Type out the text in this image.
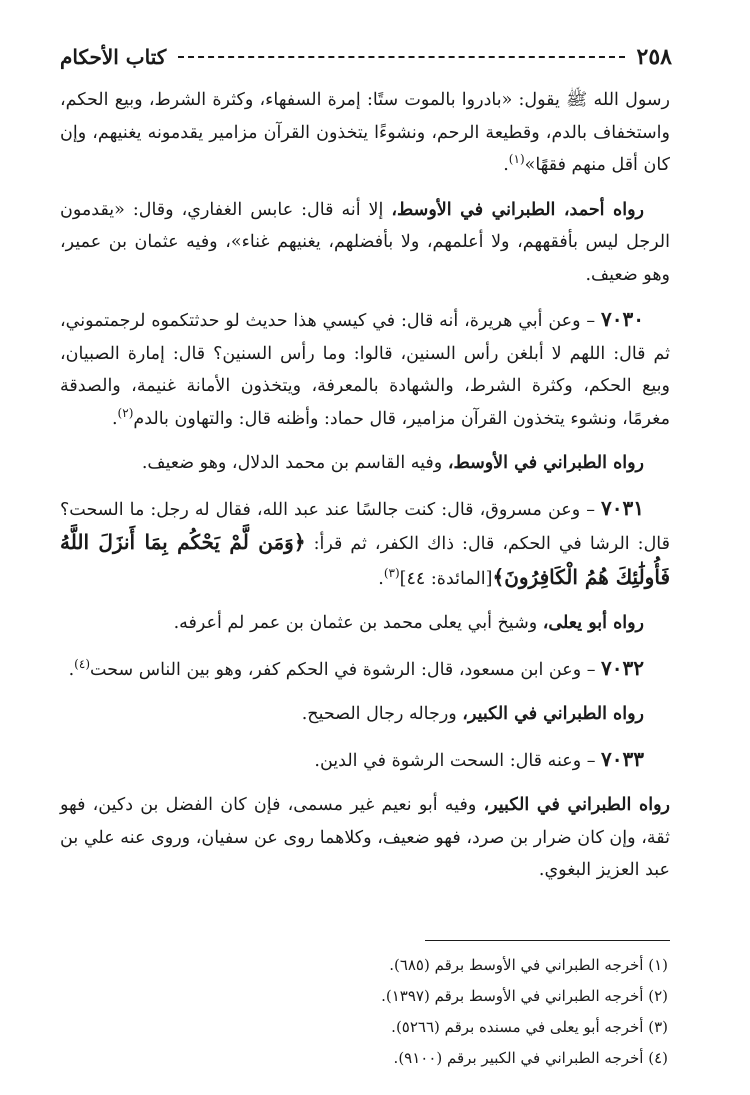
٢٥٨
كتاب الأحكام

رسول الله ﷺ يقول: «بادروا بالموت ستًا: إمرة السفهاء، وكثرة الشرط، وبيع الحكم، واستخفاف بالدم، وقطيعة الرحم، ونشوءًا يتخذون القرآن مزامير يقدمونه يغنيهم، وإن كان أقل منهم فقهًا»$^{(١)}$.

رواه أحمد، الطبراني في الأوسط، إلا أنه قال: عابس الغفاري، وقال: «يقدمون الرجل ليس بأفقههم، ولا أعلمهم، ولا بأفضلهم، يغنيهم غناء»، وفيه عثمان بن عمير، وهو ضعيف.

٧٠٣٠ – وعن أبي هريرة، أنه قال: في كيسي هذا حديث لو حدثتكموه لرجمتموني، ثم قال: اللهم لا أبلغن رأس السنين، قالوا: وما رأس السنين؟ قال: إمارة الصبيان، وبيع الحكم، وكثرة الشرط، والشهادة بالمعرفة، ويتخذون الأمانة غنيمة، والصدقة مغرمًا، ونشوء يتخذون القرآن مزامير، قال حماد: وأظنه قال: والتهاون بالدم$^{(٢)}$.

رواه الطبراني في الأوسط، وفيه القاسم بن محمد الدلال، وهو ضعيف.

٧٠٣١ – وعن مسروق، قال: كنت جالسًا عند عبد الله، فقال له رجل: ما السحت؟ قال: الرشا في الحكم، قال: ذاك الكفر، ثم قرأ: ﴿وَمَن لَّمْ يَحْكُم بِمَا أَنزَلَ اللَّهُ فَأُولَٰئِكَ هُمُ الْكَافِرُونَ﴾[المائدة: ٤٤]$^{(٣)}$.

رواه أبو يعلى، وشيخ أبي يعلى محمد بن عثمان بن عمر لم أعرفه.

٧٠٣٢ – وعن ابن مسعود، قال: الرشوة في الحكم كفر، وهو بين الناس سحت$^{(٤)}$.

رواه الطبراني في الكبير، ورجاله رجال الصحيح.

٧٠٣٣ – وعنه قال: السحت الرشوة في الدين.

رواه الطبراني في الكبير، وفيه أبو نعيم غير مسمى، فإن كان الفضل بن دكين، فهو ثقة، وإن كان ضرار بن صرد، فهو ضعيف، وكلاهما روى عن سفيان، وروى عنه علي بن عبد العزيز البغوي.

(١) أخرجه الطبراني في الأوسط برقم (٦٨٥).
(٢) أخرجه الطبراني في الأوسط برقم (١٣٩٧).
(٣) أخرجه أبو يعلى في مسنده برقم (٥٢٦٦).
(٤) أخرجه الطبراني في الكبير برقم (٩١٠٠).
